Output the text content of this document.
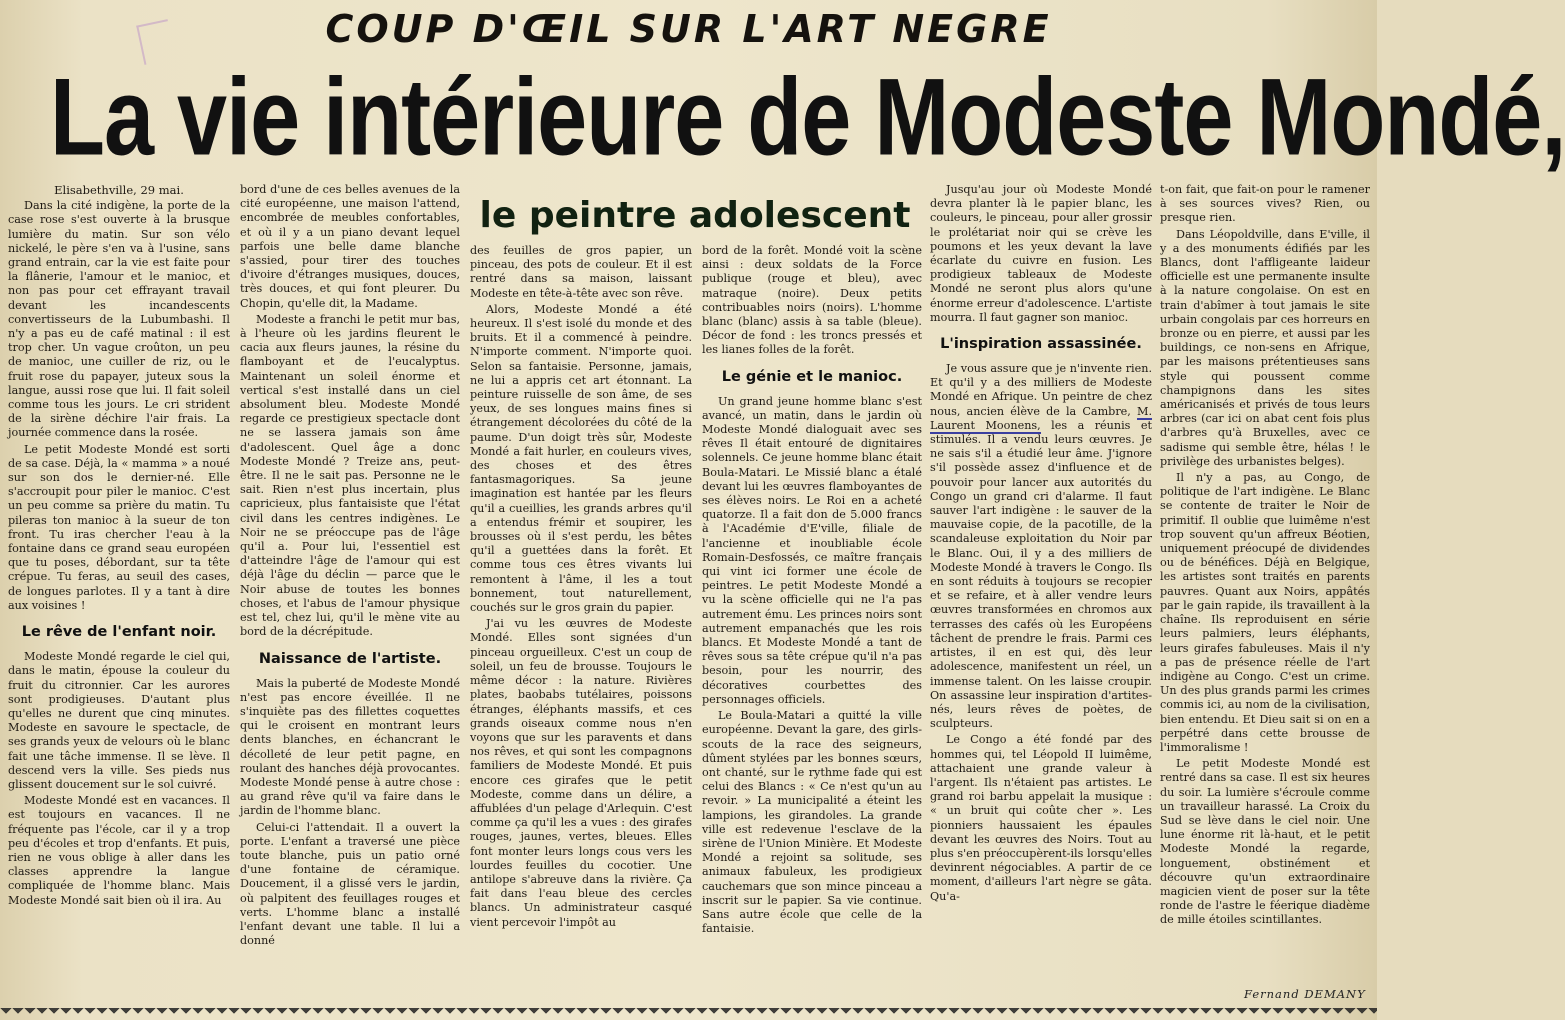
COUP D'ŒIL SUR L'ART NEGRE
La vie intérieure de Modeste Mondé,
le peintre adolescent
Elisabethville, 29 mai.

Dans la cité indigène, la porte de la case rose s'est ouverte à la brusque lumière du matin. Sur son vélo nickelé, le père s'en va à l'usine, sans grand entrain, car la vie est faite pour la flânerie, l'amour et le manioc, et non pas pour cet effrayant travail devant les incandescents convertisseurs de la Lubumbashi. Il n'y a pas eu de café matinal : il est trop cher. Un vague croûton, un peu de manioc, une cuiller de riz, ou le fruit rose du papayer, juteux sous la langue, aussi rose que lui. Il fait soleil comme tous les jours. Le cri strident de la sirène déchire l'air frais. La journée commence dans la rosée.

Le petit Modeste Mondé est sorti de sa case. Déjà, la « mamma » a noué sur son dos le dernier-né. Elle s'accroupit pour piler le manioc. C'est un peu comme sa prière du matin. Tu pileras ton manioc à la sueur de ton front. Tu iras chercher l'eau à la fontaine dans ce grand seau européen que tu poses, débordant, sur ta tête crépue. Tu feras, au seuil des cases, de longues parlotes. Il y a tant à dire aux voisines !

Le rêve de l'enfant noir.

Modeste Mondé regarde le ciel qui, dans le matin, épouse la couleur du fruit du citronnier. Car les aurores sont prodigieuses. D'autant plus qu'elles ne durent que cinq minutes. Modeste en savoure le spectacle, de ses grands yeux de velours où le blanc fait une tâche immense. Il se lève. Il descend vers la ville. Ses pieds nus glissent doucement sur le sol cuivré.

Modeste Mondé est en vacances. Il est toujours en vacances. Il ne fréquente pas l'école, car il y a trop peu d'écoles et trop d'enfants. Et puis, rien ne vous oblige à aller dans les classes apprendre la langue compliquée de l'homme blanc. Mais Modeste Mondé sait bien où il ira. Au

bord d'une de ces belles avenues de la cité européenne, une maison l'attend, encombrée de meubles confortables, et où il y a un piano devant lequel parfois une belle dame blanche s'assied, pour tirer des touches d'ivoire d'étranges musiques, douces, très douces, et qui font pleurer. Du Chopin, qu'elle dit, la Madame.

Modeste a franchi le petit mur bas, à l'heure où les jardins fleurent le cacia aux fleurs jaunes, la résine du flamboyant et de l'eucalyptus. Maintenant un soleil énorme et vertical s'est installé dans un ciel absolument bleu. Modeste Mondé regarde ce prestigieux spectacle dont ne se lassera jamais son âme d'adolescent. Quel âge a donc Modeste Mondé ? Treize ans, peut-être. Il ne le sait pas. Personne ne le sait. Rien n'est plus incertain, plus capricieux, plus fantaisiste que l'état civil dans les centres indigènes. Le Noir ne se préoccupe pas de l'âge qu'il a. Pour lui, l'essentiel est d'atteindre l'âge de l'amour qui est déjà l'âge du déclin — parce que le Noir abuse de toutes les bonnes choses, et l'abus de l'amour physique est tel, chez lui, qu'il le mène vite au bord de la décrépitude.

Naissance de l'artiste.

Mais la puberté de Modeste Mondé n'est pas encore éveillée. Il ne s'inquiète pas des fillettes coquettes qui le croisent en montrant leurs dents blanches, en échancrant le décolleté de leur petit pagne, en roulant des hanches déjà provocantes. Modeste Mondé pense à autre chose : au grand rêve qu'il va faire dans le jardin de l'homme blanc.

Celui-ci l'attendait. Il a ouvert la porte. L'enfant a traversé une pièce toute blanche, puis un patio orné d'une fontaine de céramique. Doucement, il a glissé vers le jardin, où palpitent des feuillages rouges et verts. L'homme blanc a installé l'enfant devant une table. Il lui a donné

des feuilles de gros papier, un pinceau, des pots de couleur. Et il est rentré dans sa maison, laissant Modeste en tête-à-tête avec son rêve.

Alors, Modeste Mondé a été heureux. Il s'est isolé du monde et des bruits. Et il a commencé à peindre. N'importe comment. N'importe quoi. Selon sa fantaisie. Personne, jamais, ne lui a appris cet art étonnant. La peinture ruisselle de son âme, de ses yeux, de ses longues mains fines si étrangement décolorées du côté de la paume. D'un doigt très sûr, Modeste Mondé a fait hurler, en couleurs vives, des choses et des êtres fantasmagoriques. Sa jeune imagination est hantée par les fleurs qu'il a cueillies, les grands arbres qu'il a entendus frémir et soupirer, les brousses où il s'est perdu, les bêtes qu'il a guettées dans la forêt. Et comme tous ces êtres vivants lui remontent à l'âme, il les a tout bonnement, tout naturellement, couchés sur le gros grain du papier.

J'ai vu les œuvres de Modeste Mondé. Elles sont signées d'un pinceau orgueilleux. C'est un coup de soleil, un feu de brousse. Toujours le même décor : la nature. Rivières plates, baobabs tutélaires, poissons étranges, éléphants massifs, et ces grands oiseaux comme nous n'en voyons que sur les paravents et dans nos rêves, et qui sont les compagnons familiers de Modeste Mondé. Et puis encore ces girafes que le petit Modeste, comme dans un délire, a affublées d'un pelage d'Arlequin. C'est comme ça qu'il les a vues : des girafes rouges, jaunes, vertes, bleues. Elles font monter leurs longs cous vers les lourdes feuilles du cocotier. Une antilope s'abreuve dans la rivière. Ça fait dans l'eau bleue des cercles blancs. Un administrateur casqué vient percevoir l'impôt au

bord de la forêt. Mondé voit la scène ainsi : deux soldats de la Force publique (rouge et bleu), avec matraque (noire). Deux petits contribuables noirs (noirs). L'homme blanc (blanc) assis à sa table (bleue). Décor de fond : les troncs pressés et les lianes folles de la forêt.

Le génie et le manioc.

Un grand jeune homme blanc s'est avancé, un matin, dans le jardin où Modeste Mondé dialoguait avec ses rêves Il était entouré de dignitaires solennels. Ce jeune homme blanc était Boula-Matari. Le Missié blanc a étalé devant lui les œuvres flamboyantes de ses élèves noirs. Le Roi en a acheté quatorze. Il a fait don de 5.000 francs à l'Académie d'E'ville, filiale de l'ancienne et inoubliable école Romain-Desfossés, ce maître français qui vint ici former une école de peintres. Le petit Modeste Mondé a vu la scène officielle qui ne l'a pas autrement ému. Les princes noirs sont autrement empanachés que les rois blancs. Et Modeste Mondé a tant de rêves sous sa tête crépue qu'il n'a pas besoin, pour les nourrir, des décoratives courbettes des personnages officiels.

Le Boula-Matari a quitté la ville européenne. Devant la gare, des girls-scouts de la race des seigneurs, dûment stylées par les bonnes sœurs, ont chanté, sur le rythme fade qui est celui des Blancs : « Ce n'est qu'un au revoir. » La municipalité a éteint les lampions, les girandoles. La grande ville est redevenue l'esclave de la sirène de l'Union Minière. Et Modeste Mondé a rejoint sa solitude, ses animaux fabuleux, les prodigieux cauchemars que son mince pinceau a inscrit sur le papier. Sa vie continue. Sans autre école que celle de la fantaisie.

Jusqu'au jour où Modeste Mondé devra planter là le papier blanc, les couleurs, le pinceau, pour aller grossir le prolétariat noir qui se crève les poumons et les yeux devant la lave écarlate du cuivre en fusion. Les prodigieux tableaux de Modeste Mondé ne seront plus alors qu'une énorme erreur d'adolescence. L'artiste mourra. Il faut gagner son manioc.

L'inspiration assassinée.

Je vous assure que je n'invente rien. Et qu'il y a des milliers de Modeste Mondé en Afrique. Un peintre de chez nous, ancien élève de la Cambre, M. Laurent Moonens, les a réunis et stimulés. Il a vendu leurs œuvres. Je ne sais s'il a étudié leur âme. J'ignore s'il possède assez d'influence et de pouvoir pour lancer aux autorités du Congo un grand cri d'alarme. Il faut sauver l'art indigène : le sauver de la mauvaise copie, de la pacotille, de la scandaleuse exploitation du Noir par le Blanc. Oui, il y a des milliers de Modeste Mondé à travers le Congo. Ils en sont réduits à toujours se recopier et se refaire, et à aller vendre leurs œuvres transformées en chromos aux terrasses des cafés où les Européens tâchent de prendre le frais. Parmi ces artistes, il en est qui, dès leur adolescence, manifestent un réel, un immense talent. On les laisse croupir. On assassine leur inspiration d'artites-nés, leurs rêves de poètes, de sculpteurs.

Le Congo a été fondé par des hommes qui, tel Léopold II luimême, attachaient une grande valeur à l'argent. Ils n'étaient pas artistes. Le grand roi barbu appelait la musique : « un bruit qui coûte cher ». Les pionniers haussaient les épaules devant les œuvres des Noirs. Tout au plus s'en préoccupèrent-ils lorsqu'elles devinrent négociables. A partir de ce moment, d'ailleurs l'art nègre se gâta. Qu'a-

t-on fait, que fait-on pour le ramener à ses sources vives? Rien, ou presque rien.

Dans Léopoldville, dans E'ville, il y a des monuments édifiés par les Blancs, dont l'affligeante laideur officielle est une permanente insulte à la nature congolaise. On est en train d'abîmer à tout jamais le site urbain congolais par ces horreurs en bronze ou en pierre, et aussi par les buildings, ce non-sens en Afrique, par les maisons prétentieuses sans style qui poussent comme champignons dans les sites américanisés et privés de tous leurs arbres (car ici on abat cent fois plus d'arbres qu'à Bruxelles, avec ce sadisme qui semble être, hélas ! le privilège des urbanistes belges).

Il n'y a pas, au Congo, de politique de l'art indigène. Le Blanc se contente de traiter le Noir de primitif. Il oublie que luimême n'est trop souvent qu'un affreux Béotien, uniquement préocupé de dividendes ou de bénéfices. Déjà en Belgique, les artistes sont traités en parents pauvres. Quant aux Noirs, appâtés par le gain rapide, ils travaillent à la chaîne. Ils reproduisent en série leurs palmiers, leurs éléphants, leurs girafes fabuleuses. Mais il n'y a pas de présence réelle de l'art indigène au Congo. C'est un crime. Un des plus grands parmi les crimes commis ici, au nom de la civilisation, bien entendu. Et Dieu sait si on en a perpétré dans cette brousse de l'immoralisme !

Le petit Modeste Mondé est rentré dans sa case. Il est six heures du soir. La lumière s'écroule comme un travailleur harassé. La Croix du Sud se lève dans le ciel noir. Une lune énorme rit là-haut, et le petit Modeste Mondé la regarde, longuement, obstinément et découvre qu'un extraordinaire magicien vient de poser sur la tête ronde de l'astre le féerique diadème de mille étoiles scintillantes.

Fernand DEMANY
